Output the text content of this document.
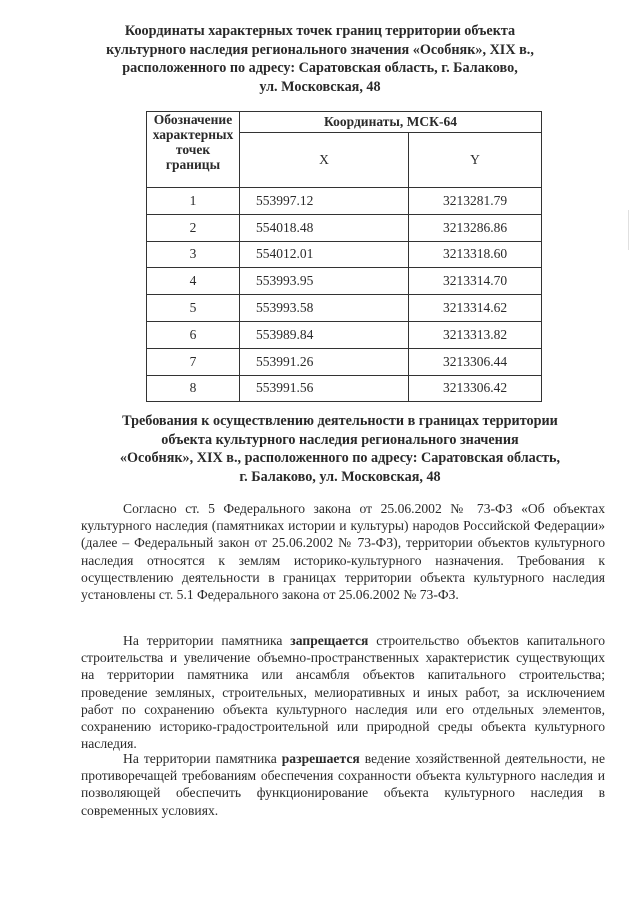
Координаты характерных точек границ территории объекта
культурного наследия регионального значения «Особняк», XIX в.,
расположенного по адресу: Саратовская область, г. Балаково,
ул. Московская, 48
Обозначение
характерных
точек
границы	Координаты, МСК-64	
	X	Y
1	553997.12	3213281.79
2	554018.48	3213286.86
3	554012.01	3213318.60
4	553993.95	3213314.70
5	553993.58	3213314.62
6	553989.84	3213313.82
7	553991.26	3213306.44
8	553991.56	3213306.42
Требования к осуществлению деятельности в границах территории
объекта культурного наследия регионального значения
«Особняк», XIX в., расположенного по адресу: Саратовская область,
г. Балаково, ул. Московская, 48

Согласно ст. 5 Федерального закона от 25.06.2002 № 73-ФЗ «Об объектах культурного наследия (памятниках истории и культуры) народов Российской Федерации» (далее – Федеральный закон от 25.06.2002 № 73-ФЗ), территории объектов культурного наследия относятся к землям историко-культурного назначения. Требования к осуществлению деятельности в границах территории объекта культурного наследия установлены ст. 5.1 Федерального закона от 25.06.2002 № 73-ФЗ.

На территории памятника запрещается строительство объектов капитального строительства и увеличение объемно-пространственных характеристик существующих на территории памятника или ансамбля объектов капитального строительства; проведение земляных, строительных, мелиоративных и иных работ, за исключением работ по сохранению объекта культурного наследия или его отдельных элементов, сохранению историко-градостроительной или природной среды объекта культурного наследия.

На территории памятника разрешается ведение хозяйственной деятельности, не противоречащей требованиям обеспечения сохранности объекта культурного наследия и позволяющей обеспечить функционирование объекта культурного наследия в современных условиях.
